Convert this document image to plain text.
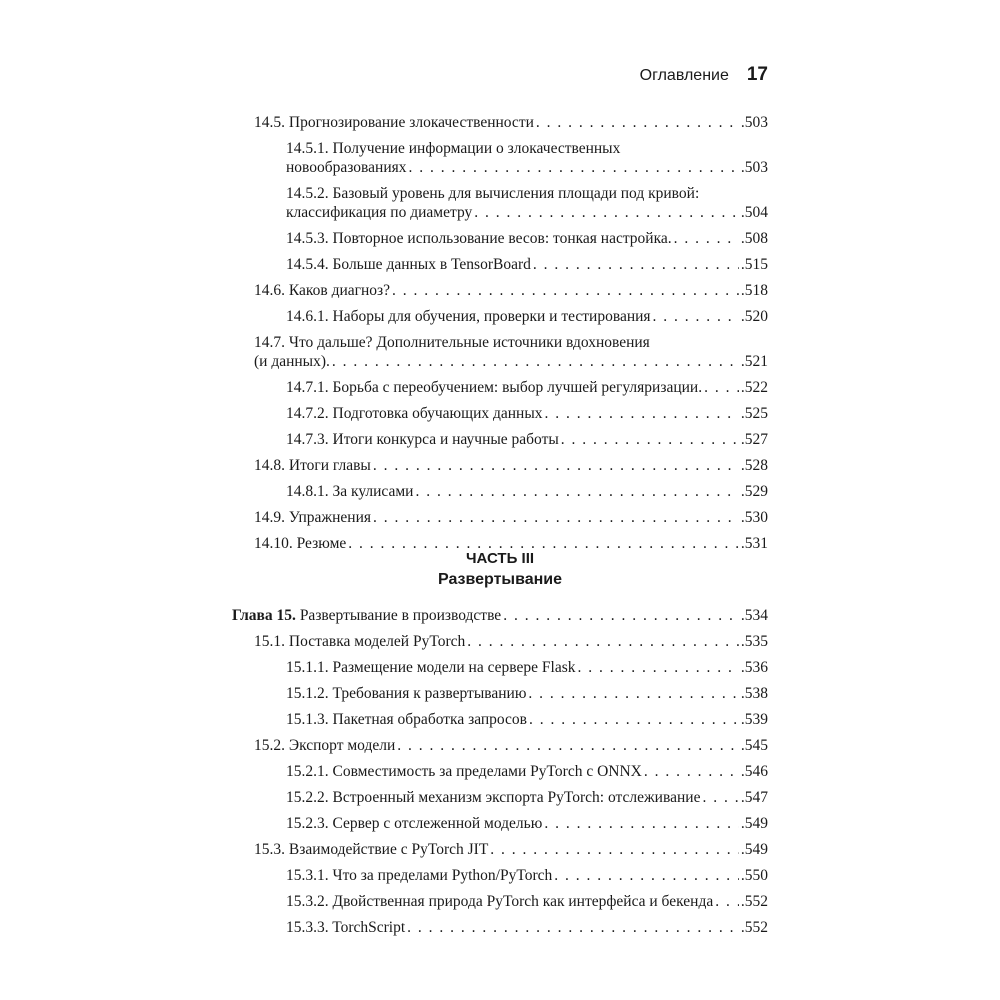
Оглавление 17
14.5. Прогнозирование злокачественности . . .	.503
14.5.1. Получение информации о злокачественных
новообразованиях . . .	.503
14.5.2. Базовый уровень для вычисления площади под кривой:
классификация по диаметру . . .	.504
14.5.3. Повторное использование весов: тонкая настройка. . . .	.508
14.5.4. Больше данных в TensorBoard . . .	.515
14.6. Каков диагноз? . . .	.518
14.6.1. Наборы для обучения, проверки и тестирования . . .	.520
14.7. Что дальше? Дополнительные источники вдохновения
(и данных). . . .	.521
14.7.1. Борьба с переобучением: выбор лучшей регуляризации. . . .	.522
14.7.2. Подготовка обучающих данных . . .	.525
14.7.3. Итоги конкурса и научные работы . . .	.527
14.8. Итоги главы . . .	.528
14.8.1. За кулисами . . .	.529
14.9. Упражнения . . .	.530
14.10. Резюме . . .	.531
ЧАСТЬ III
Развертывание
Глава 15. Развертывание в производстве . . .	.534
15.1. Поставка моделей PyTorch . . .	.535
15.1.1. Размещение модели на сервере Flask . . .	.536
15.1.2. Требования к развертыванию . . .	.538
15.1.3. Пакетная обработка запросов . . .	.539
15.2. Экспорт модели . . .	.545
15.2.1. Совместимость за пределами PyTorch с ONNX . . .	.546
15.2.2. Встроенный механизм экспорта PyTorch: отслеживание . . .	.547
15.2.3. Сервер с отслеженной моделью . . .	.549
15.3. Взаимодействие с PyTorch JIT . . .	.549
15.3.1. Что за пределами Python/PyTorch . . .	.550
15.3.2. Двойственная природа PyTorch как интерфейса и бекенда . . . .552
15.3.3. TorchScript . . .	.552
